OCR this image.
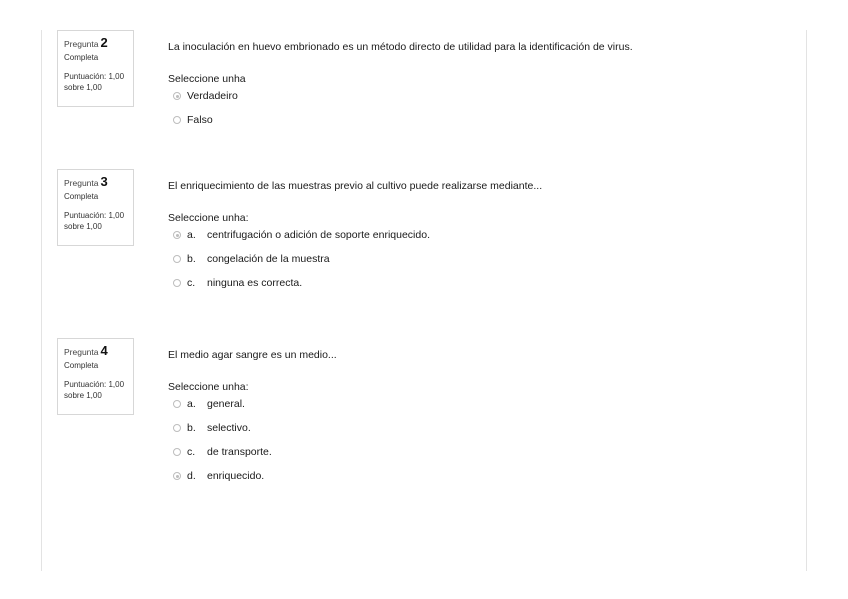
Pregunta 2
Completa
Puntuación: 1,00
sobre 1,00
La inoculación en huevo embrionado es un método directo de utilidad para la identificación de virus.
Seleccione unha
Verdadeiro
Falso
Pregunta 3
Completa
Puntuación: 1,00
sobre 1,00
El enriquecimiento de las muestras previo al cultivo puede realizarse mediante...
Seleccione unha:
a.	centrifugación o adición de soporte enriquecido.
b.	congelación de la muestra
c.	ninguna es correcta.
Pregunta 4
Completa
Puntuación: 1,00
sobre 1,00
El medio agar sangre es un medio...
Seleccione unha:
a.	general.
b.	selectivo.
c.	de transporte.
d.	enriquecido.
